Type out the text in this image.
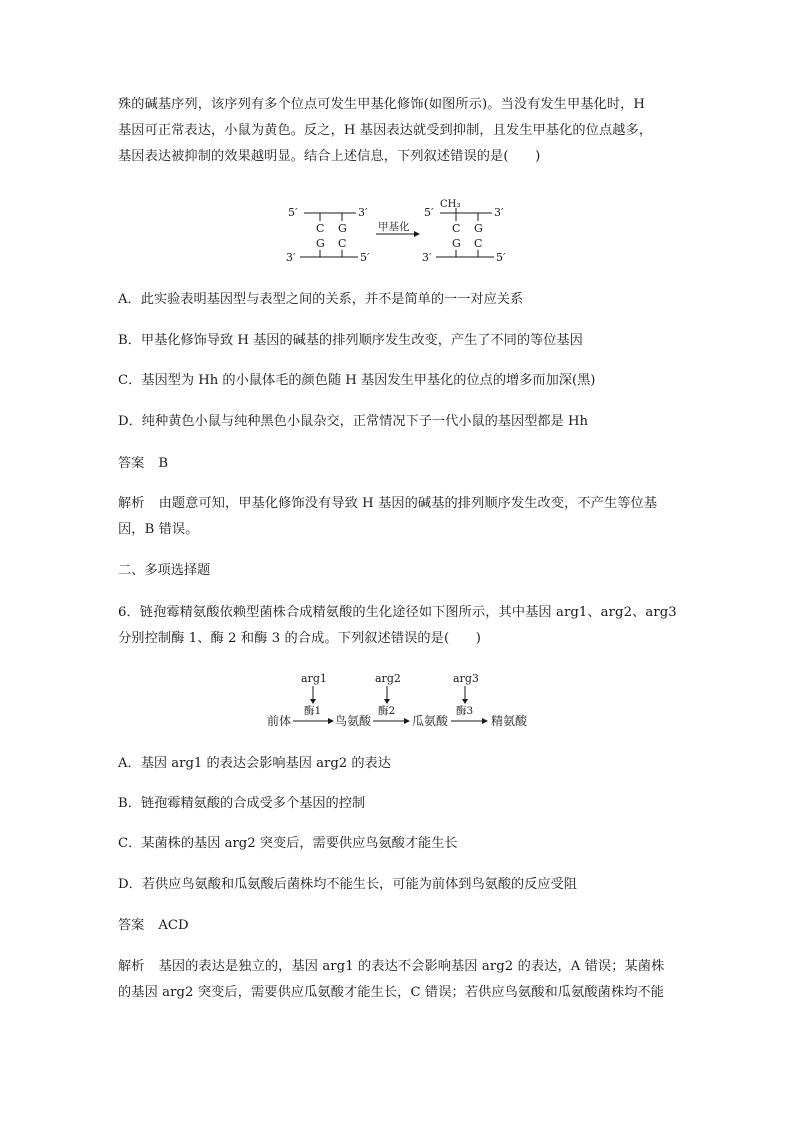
殊的碱基序列，该序列有多个位点可发生甲基化修饰(如图所示)。当没有发生甲基化时，H
基因可正常表达，小鼠为黄色。反之，H 基因表达就受到抑制，且发生甲基化的位点越多，
基因表达被抑制的效果越明显。结合上述信息，下列叙述错误的是(　　)
5′	3′
C G
G C
3′	5′
甲基化
CH₃
5′	3′
C G
G C
3′	5′
A．此实验表明基因型与表型之间的关系，并不是简单的一一对应关系
B．甲基化修饰导致 H 基因的碱基的排列顺序发生改变，产生了不同的等位基因
C．基因型为 Hh 的小鼠体毛的颜色随 H 基因发生甲基化的位点的增多而加深(黑)
D．纯种黄色小鼠与纯种黑色小鼠杂交，正常情况下子一代小鼠的基因型都是 Hh
答案 B
解析 由题意可知，甲基化修饰没有导致 H 基因的碱基的排列顺序发生改变，不产生等位基
因，B 错误。
二、多项选择题
6．链孢霉精氨酸依赖型菌株合成精氨酸的生化途径如下图所示，其中基因 arg1、arg2、arg3
分别控制酶 1、酶 2 和酶 3 的合成。下列叙述错误的是(　　)
arg1	arg2	arg3
酶1	酶2	酶3
前体	鸟氨酸	瓜氨酸	精氨酸
A．基因 arg1 的表达会影响基因 arg2 的表达
B．链孢霉精氨酸的合成受多个基因的控制
C．某菌株的基因 arg2 突变后，需要供应鸟氨酸才能生长
D．若供应鸟氨酸和瓜氨酸后菌株均不能生长，可能为前体到鸟氨酸的反应受阻
答案 ACD
解析 基因的表达是独立的，基因 arg1 的表达不会影响基因 arg2 的表达，A 错误；某菌株
的基因 arg2 突变后，需要供应瓜氨酸才能生长，C 错误；若供应鸟氨酸和瓜氨酸菌株均不能
